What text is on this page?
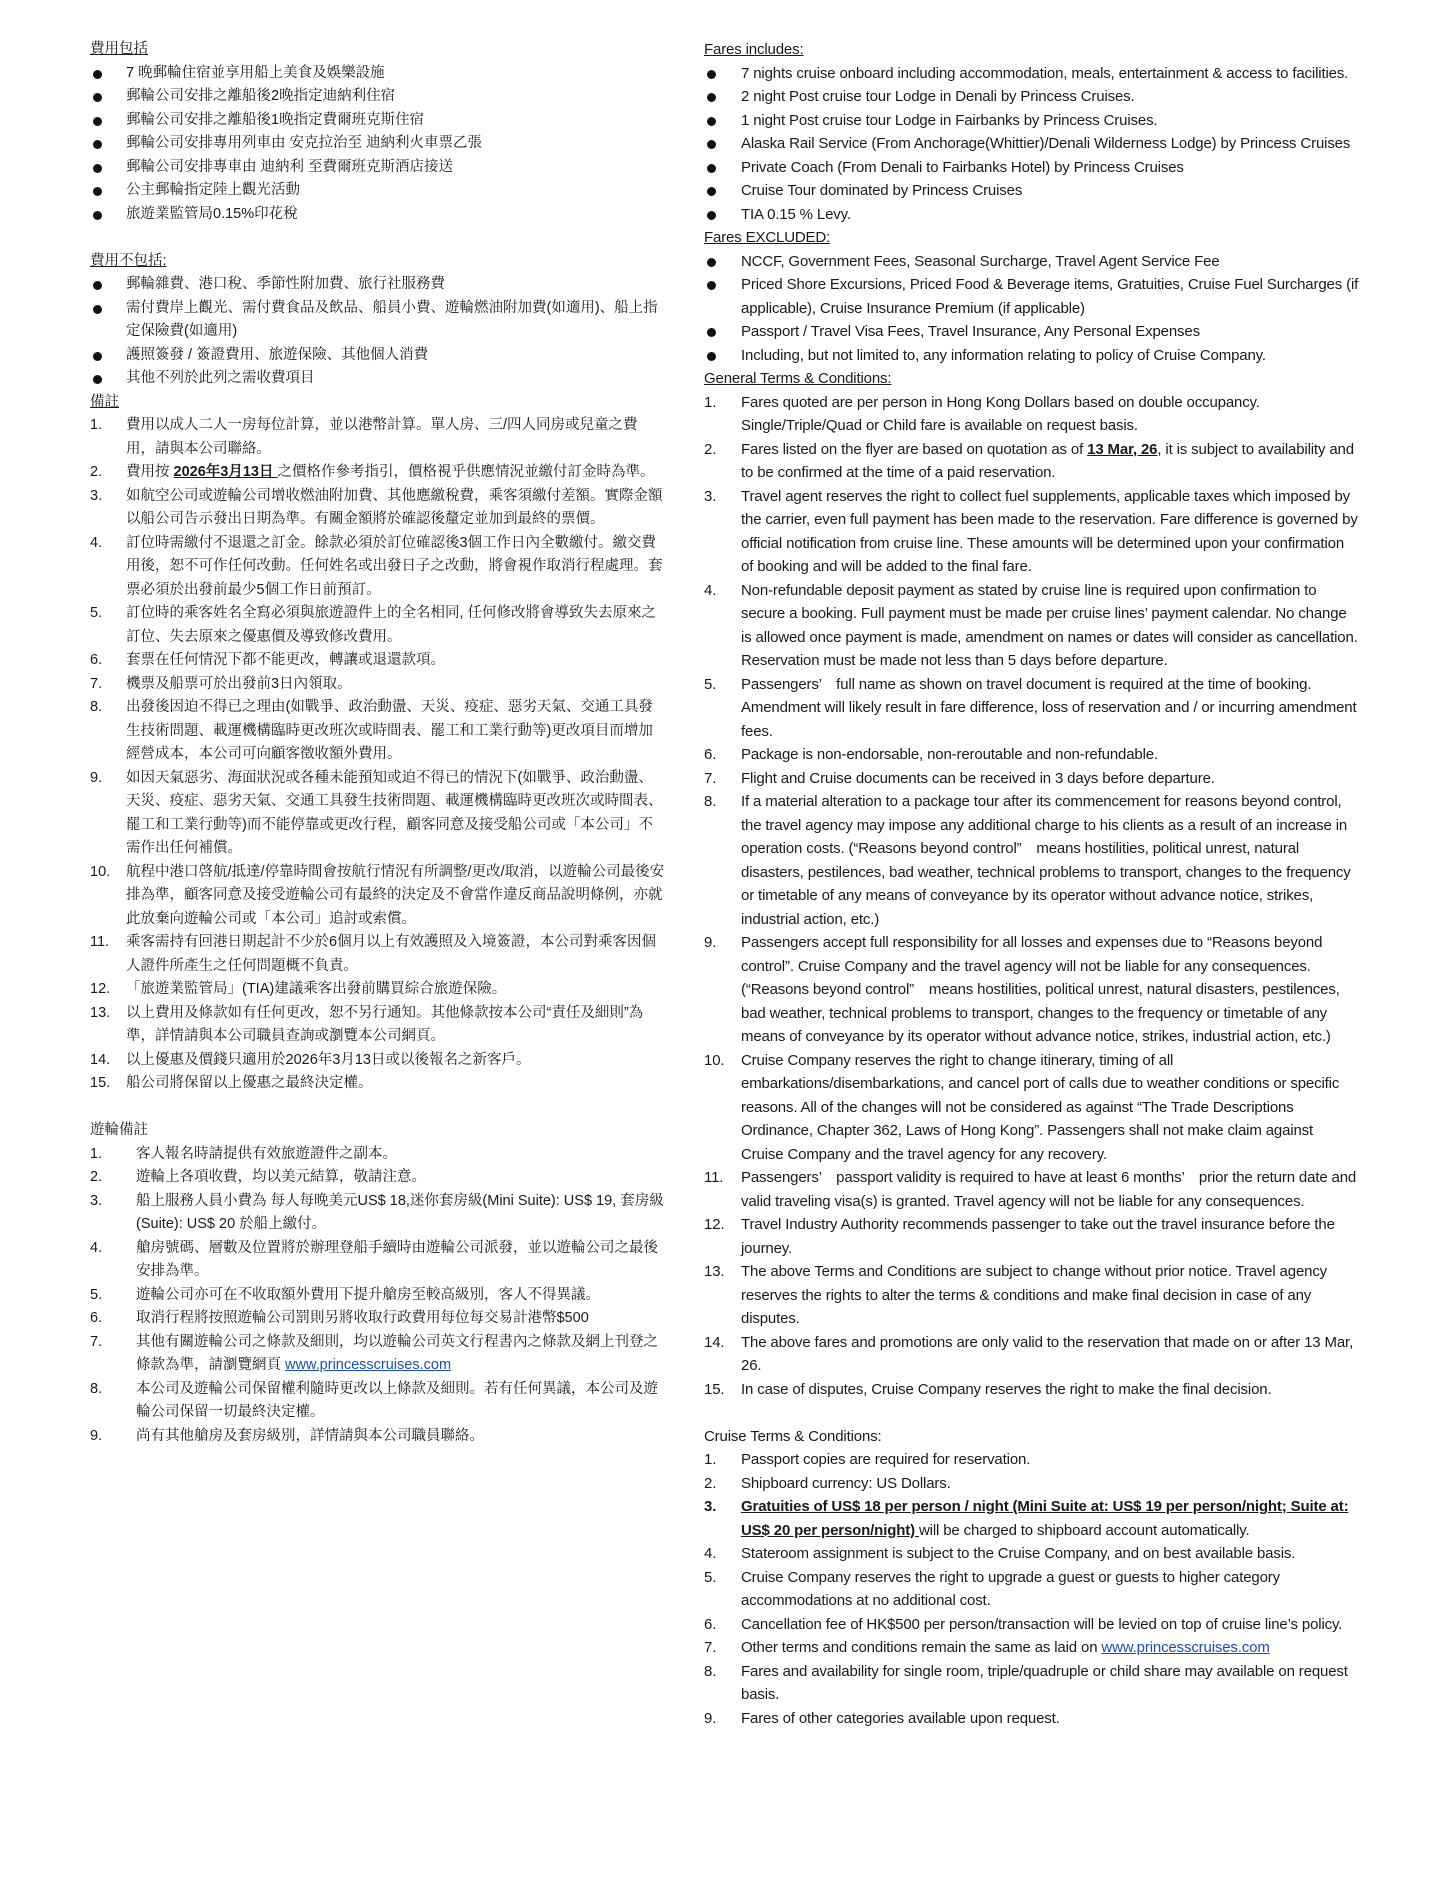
費用包括

7 晚郵輪住宿並享用船上美食及娛樂設施
郵輪公司安排之離船後2晚指定迪納利住宿
郵輪公司安排之離船後1晚指定費爾班克斯住宿
郵輪公司安排專用列車由 安克拉治至 迪納利火車票乙張
郵輪公司安排專車由 迪納利 至費爾班克斯酒店接送
公主郵輪指定陸上觀光活動
旅遊業監管局0.15%印花稅

費用不包括:

郵輪雜費、港口稅、季節性附加費、旅行社服務費
需付費岸上觀光、需付費食品及飲品、船員小費、遊輪燃油附加費(如適用)、船上指定保險費(如適用)
護照簽發 / 簽證費用、旅遊保險、其他個人消費
其他不列於此列之需收費項目

備註

1. 費用以成人二人一房每位計算，並以港幣計算。單人房、三/四人同房或兒童之費用，請與本公司聯絡。
2. 費用按 2026年3月13日 之價格作參考指引，價格視乎供應情況並繳付訂金時為準。
3. 如航空公司或遊輪公司增收燃油附加費、其他應繳稅費，乘客須繳付差額。實際金額以船公司告示發出日期為準。有關金額將於確認後釐定並加到最終的票價。
4. 訂位時需繳付不退還之訂金。餘款必須於訂位確認後3個工作日內全數繳付。繳交費用後，恕不可作任何改動。任何姓名或出發日子之改動，將會視作取消行程處理。套票必須於出發前最少5個工作日前預訂。
5. 訂位時的乘客姓名全寫必須與旅遊證件上的全名相同, 任何修改將會導致失去原來之訂位、失去原來之優惠價及導致修改費用。
6. 套票在任何情況下都不能更改，轉讓或退還款項。
7. 機票及船票可於出發前3日內領取。
8. 出發後因迫不得已之理由(如戰爭、政治動盪、天災、疫症、惡劣天氣、交通工具發生技術問題、載運機構臨時更改班次或時間表、罷工和工業行動等)更改項目而增加經營成本，本公司可向顧客徵收額外費用。
9. 如因天氣惡劣、海面狀況或各種未能預知或迫不得已的情況下(如戰爭、政治動盪、天災、疫症、惡劣天氣、交通工具發生技術問題、載運機構臨時更改班次或時間表、罷工和工業行動等)而不能停靠或更改行程，顧客同意及接受船公司或「本公司」不需作出任何補償。
10. 航程中港口啓航/抵達/停靠時間會按航行情況有所調整/更改/取消，以遊輪公司最後安排為準，顧客同意及接受遊輪公司有最終的決定及不會當作違反商品說明條例，亦就此放棄向遊輪公司或「本公司」追討或索償。
11. 乘客需持有回港日期起計不少於6個月以上有效護照及入境簽證，本公司對乘客因個人證件所產生之任何問題概不負責。
12. 「旅遊業監管局」(TIA)建議乘客出發前購買綜合旅遊保險。
13. 以上費用及條款如有任何更改，恕不另行通知。其他條款按本公司“責任及細則”為準，詳情請與本公司職員查詢或瀏覽本公司網頁。
14. 以上優惠及價錢只適用於2026年3月13日或以後報名之新客戶。
15. 船公司將保留以上優惠之最終決定權。

遊輪備註

1. 客人報名時請提供有效旅遊證件之副本。
2. 遊輪上各項收費，均以美元結算，敬請注意。
3. 船上服務人員小費為 每人每晚美元US$ 18,迷你套房級(Mini Suite): US$ 19, 套房級(Suite): US$ 20 於船上繳付。
4. 艙房號碼、層數及位置將於辦理登船手續時由遊輪公司派發，並以遊輪公司之最後安排為準。
5. 遊輪公司亦可在不收取額外費用下提升艙房至較高級別，客人不得異議。
6. 取消行程將按照遊輪公司罰則另將收取行政費用每位每交易計港幣$500
7. 其他有關遊輪公司之條款及細則，均以遊輪公司英文行程書內之條款及網上刊登之條款為準，請瀏覽網頁 www.princesscruises.com
8. 本公司及遊輪公司保留權利隨時更改以上條款及細則。若有任何異議，本公司及遊輪公司保留一切最終決定權。
9. 尚有其他艙房及套房級別，詳情請與本公司職員聯絡。

Fares includes:

7 nights cruise onboard including accommodation, meals, entertainment & access to facilities.
2 night Post cruise tour Lodge in Denali by Princess Cruises.
1 night Post cruise tour Lodge in Fairbanks by Princess Cruises.
Alaska Rail Service (From Anchorage(Whittier)/Denali Wilderness Lodge) by Princess Cruises
Private Coach (From Denali to Fairbanks Hotel) by Princess Cruises
Cruise Tour dominated by Princess Cruises
TIA 0.15 % Levy.

Fares EXCLUDED:

NCCF, Government Fees, Seasonal Surcharge, Travel Agent Service Fee
Priced Shore Excursions, Priced Food & Beverage items, Gratuities, Cruise Fuel Surcharges (if applicable), Cruise Insurance Premium (if applicable)
Passport / Travel Visa Fees, Travel Insurance, Any Personal Expenses
Including, but not limited to, any information relating to policy of Cruise Company.

General Terms & Conditions:

1. Fares quoted are per person in Hong Kong Dollars based on double occupancy. Single/Triple/Quad or Child fare is available on request basis.
2. Fares listed on the flyer are based on quotation as of 13 Mar, 26, it is subject to availability and to be confirmed at the time of a paid reservation.
3. Travel agent reserves the right to collect fuel supplements, applicable taxes which imposed by the carrier, even full payment has been made to the reservation. Fare difference is governed by official notification from cruise line. These amounts will be determined upon your confirmation of booking and will be added to the final fare.
4. Non-refundable deposit payment as stated by cruise line is required upon confirmation to secure a booking. Full payment must be made per cruise lines’ payment calendar. No change is allowed once payment is made, amendment on names or dates will consider as cancellation. Reservation must be made not less than 5 days before departure.
5. Passengers’　full name as shown on travel document is required at the time of booking. Amendment will likely result in fare difference, loss of reservation and / or incurring amendment fees.
6. Package is non-endorsable, non-reroutable and non-refundable.
7. Flight and Cruise documents can be received in 3 days before departure.
8. If a material alteration to a package tour after its commencement for reasons beyond control, the travel agency may impose any additional charge to his clients as a result of an increase in operation costs. (“Reasons beyond control”　means hostilities, political unrest, natural disasters, pestilences, bad weather, technical problems to transport, changes to the frequency or timetable of any means of conveyance by its operator without advance notice, strikes, industrial action, etc.)
9. Passengers accept full responsibility for all losses and expenses due to “Reasons beyond control”. Cruise Company and the travel agency will not be liable for any consequences. (“Reasons beyond control”　means hostilities, political unrest, natural disasters, pestilences, bad weather, technical problems to transport, changes to the frequency or timetable of any means of conveyance by its operator without advance notice, strikes, industrial action, etc.)
10. Cruise Company reserves the right to change itinerary, timing of all embarkations/disembarkations, and cancel port of calls due to weather conditions or specific reasons. All of the changes will not be considered as against “The Trade Descriptions Ordinance, Chapter 362, Laws of Hong Kong”. Passengers shall not make claim against Cruise Company and the travel agency for any recovery.
11. Passengers’　passport validity is required to have at least 6 months’　prior the return date and valid traveling visa(s) is granted. Travel agency will not be liable for any consequences.
12. Travel Industry Authority recommends passenger to take out the travel insurance before the journey.
13. The above Terms and Conditions are subject to change without prior notice. Travel agency reserves the rights to alter the terms & conditions and make final decision in case of any disputes.
14. The above fares and promotions are only valid to the reservation that made on or after 13 Mar, 26.
15. In case of disputes, Cruise Company reserves the right to make the final decision.

Cruise Terms & Conditions:

1. Passport copies are required for reservation.
2. Shipboard currency: US Dollars.
3. Gratuities of US$ 18 per person / night (Mini Suite at: US$ 19 per person/night; Suite at: US$ 20 per person/night) will be charged to shipboard account automatically.
4. Stateroom assignment is subject to the Cruise Company, and on best available basis.
5. Cruise Company reserves the right to upgrade a guest or guests to higher category accommodations at no additional cost.
6. Cancellation fee of HK$500 per person/transaction will be levied on top of cruise line’s policy.
7. Other terms and conditions remain the same as laid on www.princesscruises.com
8. Fares and availability for single room, triple/quadruple or child share may available on request basis.
9. Fares of other categories available upon request.
